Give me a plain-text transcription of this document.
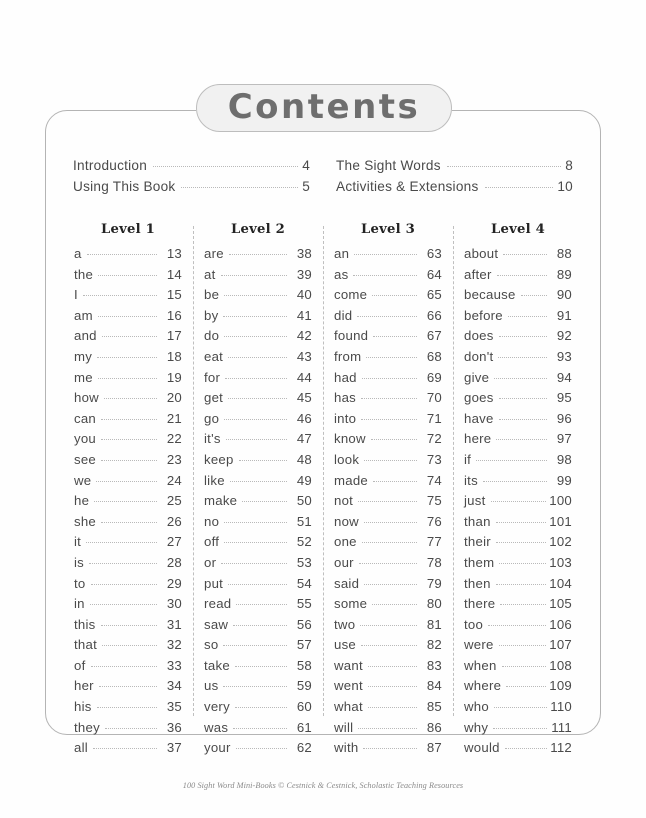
Contents
Introduction	4
Using This Book	5
The Sight Words	8
Activities & Extensions	10
Level 1
a	13
the	14
I	15
am	16
and	17
my	18
me	19
how	20
can	21
you	22
see	23
we	24
he	25
she	26
it	27
is	28
to	29
in	30
this	31
that	32
of	33
her	34
his	35
they	36
all	37
Level 2
are	38
at	39
be	40
by	41
do	42
eat	43
for	44
get	45
go	46
it's	47
keep	48
like	49
make	50
no	51
off	52
or	53
put	54
read	55
saw	56
so	57
take	58
us	59
very	60
was	61
your	62
Level 3
an	63
as	64
come	65
did	66
found	67
from	68
had	69
has	70
into	71
know	72
look	73
made	74
not	75
now	76
one	77
our	78
said	79
some	80
two	81
use	82
want	83
went	84
what	85
will	86
with	87
Level 4
about	88
after	89
because	90
before	91
does	92
don't	93
give	94
goes	95
have	96
here	97
if	98
its	99
just	100
than	101
their	102
them	103
then	104
there	105
too	106
were	107
when	108
where	109
who	110
why	111
would	112
100 Sight Word Mini-Books © Cestnick & Cestnick, Scholastic Teaching Resources
